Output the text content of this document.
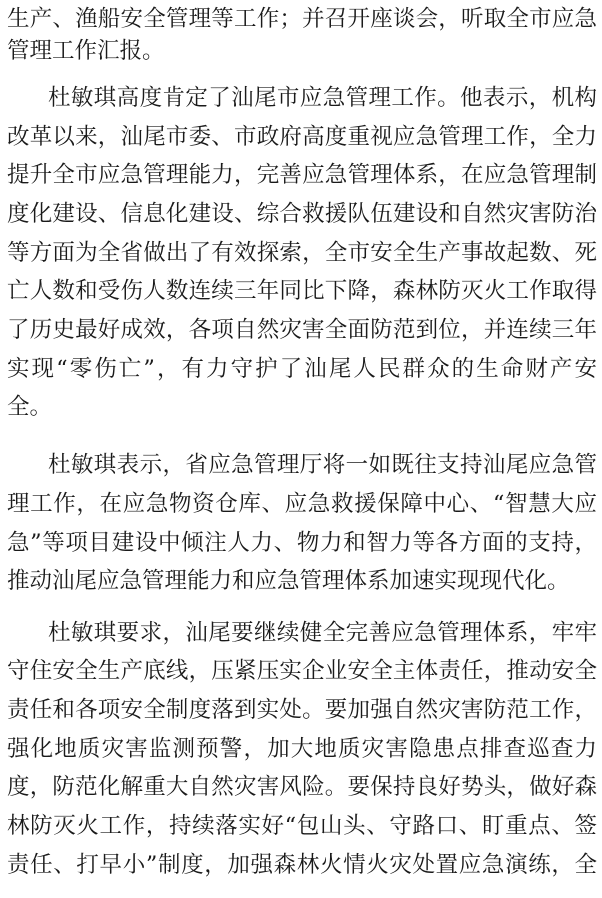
生产、渔船安全管理等工作；并召开座谈会，听取全市应急
管理工作汇报。
杜敏琪高度肯定了汕尾市应急管理工作。他表示，机构
改革以来，汕尾市委、市政府高度重视应急管理工作，全力
提升全市应急管理能力，完善应急管理体系，在应急管理制
度化建设、信息化建设、综合救援队伍建设和自然灾害防治
等方面为全省做出了有效探索，全市安全生产事故起数、死
亡人数和受伤人数连续三年同比下降，森林防灭火工作取得
了历史最好成效，各项自然灾害全面防范到位，并连续三年
实现“零伤亡”，有力守护了汕尾人民群众的生命财产安
全。
杜敏琪表示，省应急管理厅将一如既往支持汕尾应急管
理工作，在应急物资仓库、应急救援保障中心、“智慧大应
急”等项目建设中倾注人力、物力和智力等各方面的支持，
推动汕尾应急管理能力和应急管理体系加速实现现代化。
杜敏琪要求，汕尾要继续健全完善应急管理体系，牢牢
守住安全生产底线，压紧压实企业安全主体责任，推动安全
责任和各项安全制度落到实处。要加强自然灾害防范工作，
强化地质灾害监测预警，加大地质灾害隐患点排查巡查力
度，防范化解重大自然灾害风险。要保持良好势头，做好森
林防灭火工作，持续落实好“包山头、守路口、盯重点、签
责任、打早小”制度，加强森林火情火灾处置应急演练，全
